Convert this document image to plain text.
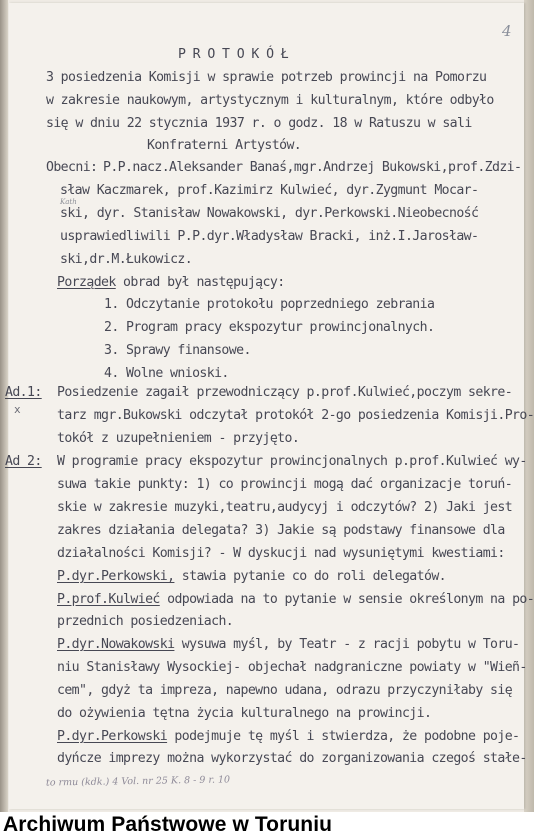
4
P R O T O K Ó Ł
3 posiedzenia Komisji w sprawie potrzeb prowincji na Pomorzu
w zakresie naukowym, artystycznym i kulturalnym, które odbyło
się w dniu 22 stycznia 1937 r. o godz. 18 w Ratuszu w sali
Konfraterni Artystów.
Obecni: P.P.nacz.Aleksander Banaś,mgr.Andrzej Bukowski,prof.Zdzi-
sław Kaczmarek, prof.Kazimirz Kulwieć, dyr.Zygmunt Mocar-
Kath
ski, dyr. Stanisław Nowakowski, dyr.Perkowski.Nieobecność
usprawiedliwili P.P.dyr.Władysław Bracki, inż.I.Jarosław-
ski,dr.M.Łukowicz.
Porządek obrad był następujący:
1. Odczytanie protokołu poprzedniego zebrania
2. Program pracy ekspozytur prowincjonalnych.
3. Sprawy finansowe.
4. Wolne wnioski.
Ad.1: Posiedzenie zagaił przewodniczący p.prof.Kulwieć,poczym sekre-
x	tarz mgr.Bukowski odczytał protokół 2-go posiedzenia Komisji.Pro-
tokół z uzupełnieniem - przyjęto.
Ad 2: W programie pracy ekspozytur prowincjonalnych p.prof.Kulwieć wy-
suwa takie punkty: 1) co prowincji mogą dać organizacje toruń-
skie w zakresie muzyki,teatru,audycyj i odczytów? 2) Jaki jest
zakres działania delegata? 3) Jakie są podstawy finansowe dla
działalności Komisji? - W dyskucji nad wysuniętymi kwestiami:
P.dyr.Perkowski, stawia pytanie co do roli delegatów.
P.prof.Kulwieć odpowiada na to pytanie w sensie określonym na po-
przednich posiedzeniach.
P.dyr.Nowakowski wysuwa myśl, by Teatr - z racji pobytu w Toru-
niu Stanisławy Wysockiej- objechał nadgraniczne powiaty w "Wieñ-
cem", gdyż ta impreza, napewno udana, odrazu przyczyniłaby się
do ożywienia tętna życia kulturalnego na prowincji.
P.dyr.Perkowski podejmuje tę myśl i stwierdza, że podobne poje-
dyńcze imprezy można wykorzystać do zorganizowania czegoś stałe-
to rmu (kdk.) 4 Vol. nr 25 K. 8 - 9 r. 10
Archiwum Państwowe w Toruniu
